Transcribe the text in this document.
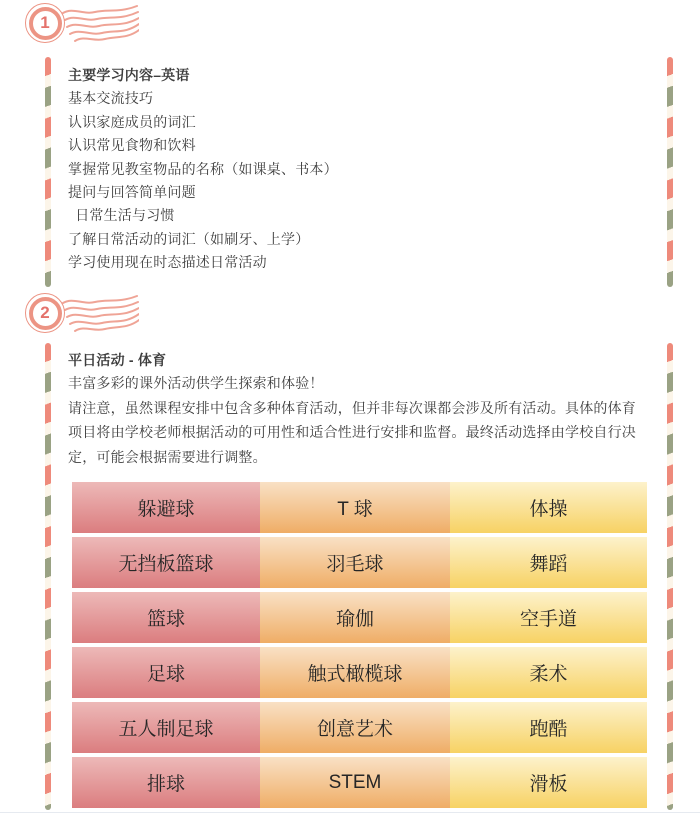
1
主要学习内容–英语
基本交流技巧
认识家庭成员的词汇
认识常见食物和饮料
掌握常见教室物品的名称（如课桌、书本）
提问与回答简单问题
 日常生活与习惯
了解日常活动的词汇（如刷牙、上学）
学习使用现在时态描述日常活动
2
平日活动 - 体育
丰富多彩的课外活动供学生探索和体验！
请注意，虽然课程安排中包含多种体育活动，但并非每次课都会涉及所有活动。具体的体育项目将由学校老师根据活动的可用性和适合性进行安排和监督。最终活动选择由学校自行决定，可能会根据需要进行调整。
躲避球	T 球	体操
无挡板篮球	羽毛球	舞蹈
篮球	瑜伽	空手道
足球	触式橄榄球	柔术
五人制足球	创意艺术	跑酷
排球	STEM	滑板
